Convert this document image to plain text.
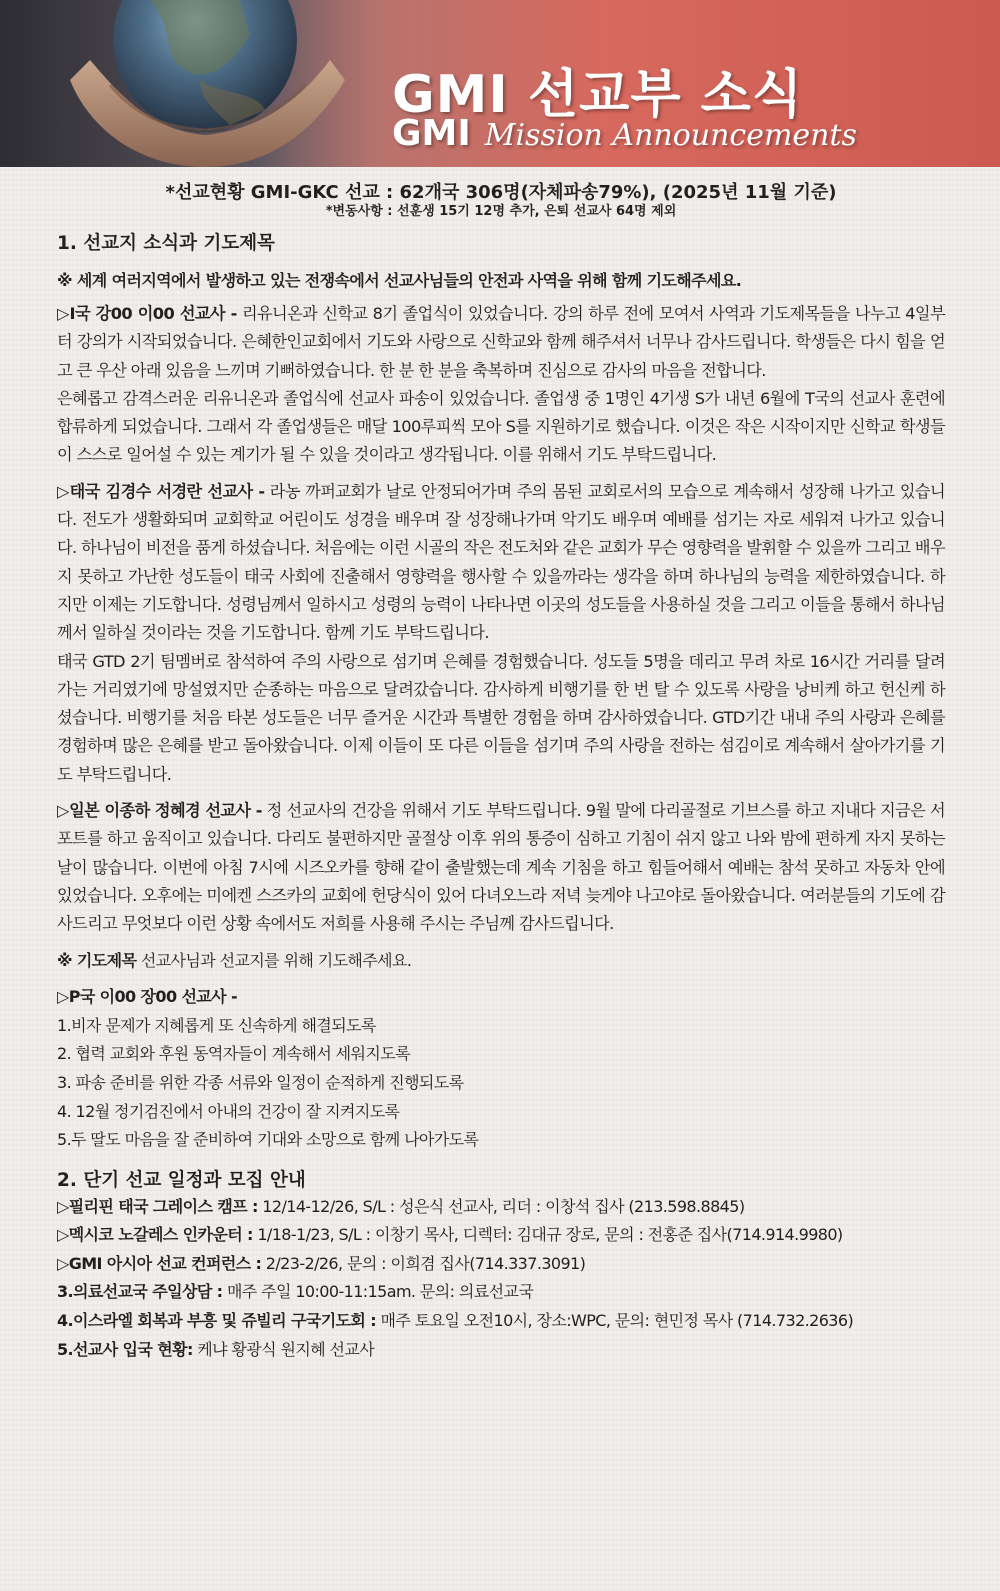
GMI 선교부 소식
GMI Mission Announcements
*선교현황 GMI-GKC 선교 : 62개국 306명(자체파송79%), (2025년 11월 기준)
*변동사항 : 선훈생 15기 12명 추가, 은퇴 선교사 64명 제외
1. 선교지 소식과 기도제목
※ 세계 여러지역에서 발생하고 있는 전쟁속에서 선교사님들의 안전과 사역을 위해 함께 기도해주세요.
▷I국 강00 이00 선교사 - 리유니온과 신학교 8기 졸업식이 있었습니다. 강의 하루 전에 모여서 사역과 기도제목들을 나누고 4일부터 강의가 시작되었습니다. 은혜한인교회에서 기도와 사랑으로 신학교와 함께 해주셔서 너무나 감사드립니다. 학생들은 다시 힘을 얻고 큰 우산 아래 있음을 느끼며 기뻐하였습니다. 한 분 한 분을 축복하며 진심으로 감사의 마음을 전합니다.
은혜롭고 감격스러운 리유니온과 졸업식에 선교사 파송이 있었습니다. 졸업생 중 1명인 4기생 S가 내년 6월에 T국의 선교사 훈련에 합류하게 되었습니다. 그래서 각 졸업생들은 매달 100루피씩 모아 S를 지원하기로 했습니다. 이것은 작은 시작이지만 신학교 학생들이 스스로 일어설 수 있는 계기가 될 수 있을 것이라고 생각됩니다. 이를 위해서 기도 부탁드립니다.
▷태국 김경수 서경란 선교사 - 라농 까퍼교회가 날로 안정되어가며 주의 몸된 교회로서의 모습으로 계속해서 성장해 나가고 있습니다. 전도가 생활화되며 교회학교 어린이도 성경을 배우며 잘 성장해나가며 악기도 배우며 예배를 섬기는 자로 세워져 나가고 있습니다. 하나님이 비전을 품게 하셨습니다. 처음에는 이런 시골의 작은 전도처와 같은 교회가 무슨 영향력을 발휘할 수 있을까 그리고 배우지 못하고 가난한 성도들이 태국 사회에 진출해서 영향력을 행사할 수 있을까라는 생각을 하며 하나님의 능력을 제한하였습니다. 하지만 이제는 기도합니다. 성령님께서 일하시고 성령의 능력이 나타나면 이곳의 성도들을 사용하실 것을 그리고 이들을 통해서 하나님께서 일하실 것이라는 것을 기도합니다. 함께 기도 부탁드립니다.
태국 GTD 2기 팀멤버로 참석하여 주의 사랑으로 섬기며 은혜를 경험했습니다. 성도들 5명을 데리고 무려 차로 16시간 거리를 달려가는 거리였기에 망설였지만 순종하는 마음으로 달려갔습니다. 감사하게 비행기를 한 번 탈 수 있도록 사랑을 낭비케 하고 헌신케 하셨습니다. 비행기를 처음 타본 성도들은 너무 즐거운 시간과 특별한 경험을 하며 감사하였습니다. GTD기간 내내 주의 사랑과 은혜를 경험하며 많은 은혜를 받고 돌아왔습니다. 이제 이들이 또 다른 이들을 섬기며 주의 사랑을 전하는 섬김이로 계속해서 살아가기를 기도 부탁드립니다.
▷일본 이종하 정혜경 선교사 - 정 선교사의 건강을 위해서 기도 부탁드립니다. 9월 말에 다리골절로 기브스를 하고 지내다 지금은 서포트를 하고 움직이고 있습니다. 다리도 불편하지만 골절상 이후 위의 통증이 심하고 기침이 쉬지 않고 나와 밤에 편하게 자지 못하는 날이 많습니다. 이번에 아침 7시에 시즈오카를 향해 같이 출발했는데 계속 기침을 하고 힘들어해서 예배는 참석 못하고 자동차 안에 있었습니다. 오후에는 미에켄 스즈카의 교회에 헌당식이 있어 다녀오느라 저녁 늦게야 나고야로 돌아왔습니다. 여러분들의 기도에 감사드리고 무엇보다 이런 상황 속에서도 저희를 사용해 주시는 주님께 감사드립니다.
※ 기도제목 선교사님과 선교지를 위해 기도해주세요.
▷P국 이00 장00 선교사 -
1.비자 문제가 지혜롭게 또 신속하게 해결되도록
2. 협력 교회와 후원 동역자들이 계속해서 세워지도록
3. 파송 준비를 위한 각종 서류와 일정이 순적하게 진행되도록
4. 12월 정기검진에서 아내의 건강이 잘 지켜지도록
5.두 딸도 마음을 잘 준비하여 기대와 소망으로 함께 나아가도록
2. 단기 선교 일정과 모집 안내
▷필리핀 태국 그레이스 캠프 : 12/14-12/26, S/L : 성은식 선교사, 리더 : 이창석 집사 (213.598.8845)
▷멕시코 노갈레스 인카운터 : 1/18-1/23, S/L : 이창기 목사, 디렉터: 김대규 장로, 문의 : 전홍준 집사(714.914.9980)
▷GMI 아시아 선교 컨퍼런스 : 2/23-2/26, 문의 : 이희겸 집사(714.337.3091)
3.의료선교국 주일상담 : 매주 주일 10:00-11:15am. 문의: 의료선교국
4.이스라엘 회복과 부흥 및 쥬빌리 구국기도회 : 매주 토요일 오전10시, 장소:WPC, 문의: 현민정 목사 (714.732.2636)
5.선교사 입국 현황: 케냐 황광식 원지혜 선교사
